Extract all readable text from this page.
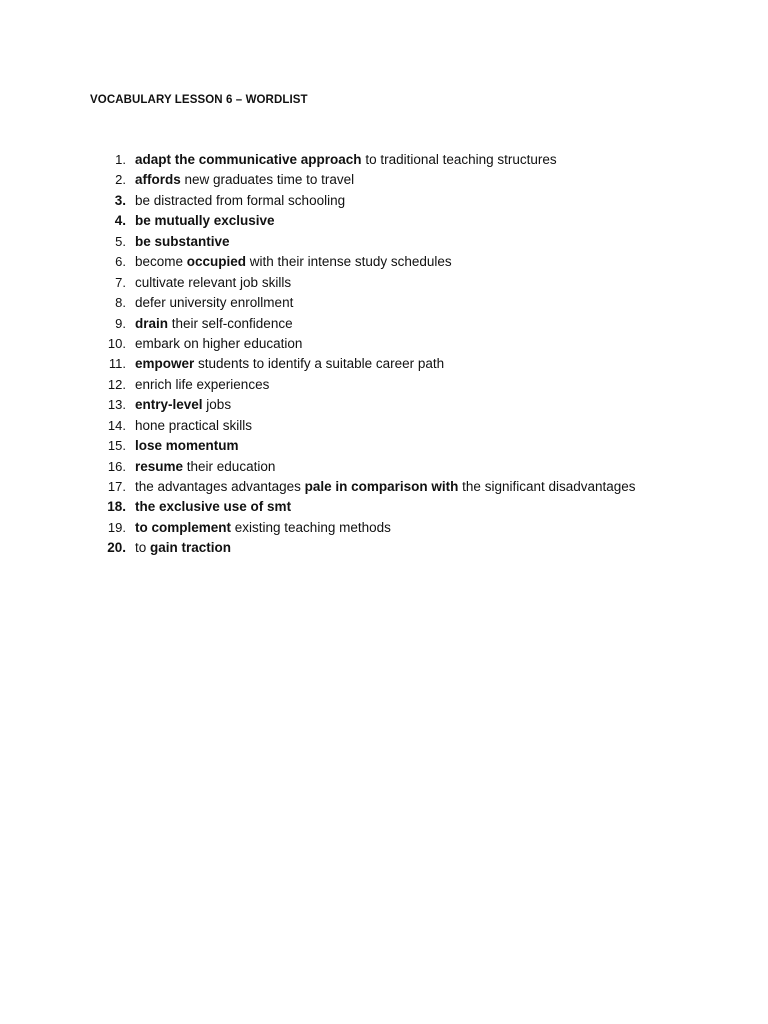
VOCABULARY LESSON 6 – WORDLIST
1. adapt the communicative approach to traditional teaching structures
2. affords new graduates time to travel
3. be distracted from formal schooling
4. be mutually exclusive
5. be substantive
6. become occupied with their intense study schedules
7. cultivate relevant job skills
8. defer university enrollment
9. drain their self-confidence
10. embark on higher education
11. empower students to identify a suitable career path
12. enrich life experiences
13. entry-level jobs
14. hone practical skills
15. lose momentum
16. resume their education
17. the advantages advantages pale in comparison with the significant disadvantages
18. the exclusive use of smt
19. to complement existing teaching methods
20. to gain traction
